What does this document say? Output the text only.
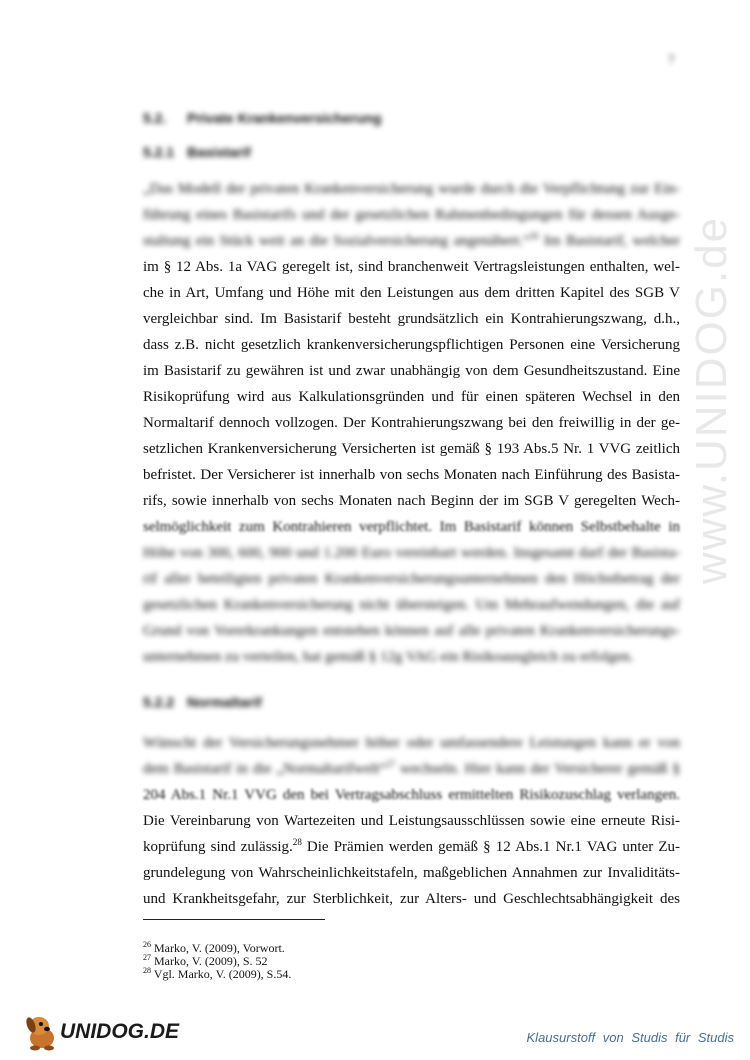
7
www.UNIDOG.de
5.2. Private Krankenversicherung
5.2.1 Basistarif
„Das Modell der privaten Krankenversicherung wurde durch die Verpflichtung zur Ein-
führung eines Basistarifs und der gesetzlichen Rahmenbedingungen für dessen Ausge-
staltung ein Stück weit an die Sozialversicherung angenähert.“$^{26}$ Im Basistarif, welcher
im § 12 Abs. 1a VAG geregelt ist, sind branchenweit Vertragsleistungen enthalten, wel-
che in Art, Umfang und Höhe mit den Leistungen aus dem dritten Kapitel des SGB V
vergleichbar sind. Im Basistarif besteht grundsätzlich ein Kontrahierungszwang, d.h.,
dass z.B. nicht gesetzlich krankenversicherungspflichtigen Personen eine Versicherung
im Basistarif zu gewähren ist und zwar unabhängig von dem Gesundheitszustand. Eine
Risikoprüfung wird aus Kalkulationsgründen und für einen späteren Wechsel in den
Normaltarif dennoch vollzogen. Der Kontrahierungszwang bei den freiwillig in der ge-
setzlichen Krankenversicherung Versicherten ist gemäß § 193 Abs.5 Nr. 1 VVG zeitlich
befristet. Der Versicherer ist innerhalb von sechs Monaten nach Einführung des Basista-
rifs, sowie innerhalb von sechs Monaten nach Beginn der im SGB V geregelten Wech-
selmöglichkeit zum Kontrahieren verpflichtet. Im Basistarif können Selbstbehalte in
Höhe von 300, 600, 900 und 1.200 Euro vereinbart werden. Insgesamt darf der Basista-
rif aller beteiligten privaten Krankenversicherungsunternehmen den Höchstbetrag der
gesetzlichen Krankenversicherung nicht übersteigen. Um Mehraufwendungen, die auf
Grund von Vorerkrankungen entstehen können auf alle privaten Krankenversicherungs-
unternehmen zu verteilen, hat gemäß § 12g VAG ein Risikoausgleich zu erfolgen.
5.2.2 Normaltarif
Wünscht der Versicherungsnehmer höher oder umfassendere Leistungen kann er von
dem Basistarif in die „Normaltarifwelt“$^{27}$ wechseln. Hier kann der Versicherer gemäß §
204 Abs.1 Nr.1 VVG den bei Vertragsabschluss ermittelten Risikozuschlag verlangen.
Die Vereinbarung von Wartezeiten und Leistungsausschlüssen sowie eine erneute Risi-
koprüfung sind zulässig.$^{28}$ Die Prämien werden gemäß § 12 Abs.1 Nr.1 VAG unter Zu-
grundelegung von Wahrscheinlichkeitstafeln, maßgeblichen Annahmen zur Invaliditäts-
und Krankheitsgefahr, zur Sterblichkeit, zur Alters- und Geschlechtsabhängigkeit des
$^{26}$ Marko, V. (2009), Vorwort.
$^{27}$ Marko, V. (2009), S. 52
$^{28}$ Vgl. Marko, V. (2009), S.54.
UNIDOG.DE	Klausurstoff von Studis für Studis
